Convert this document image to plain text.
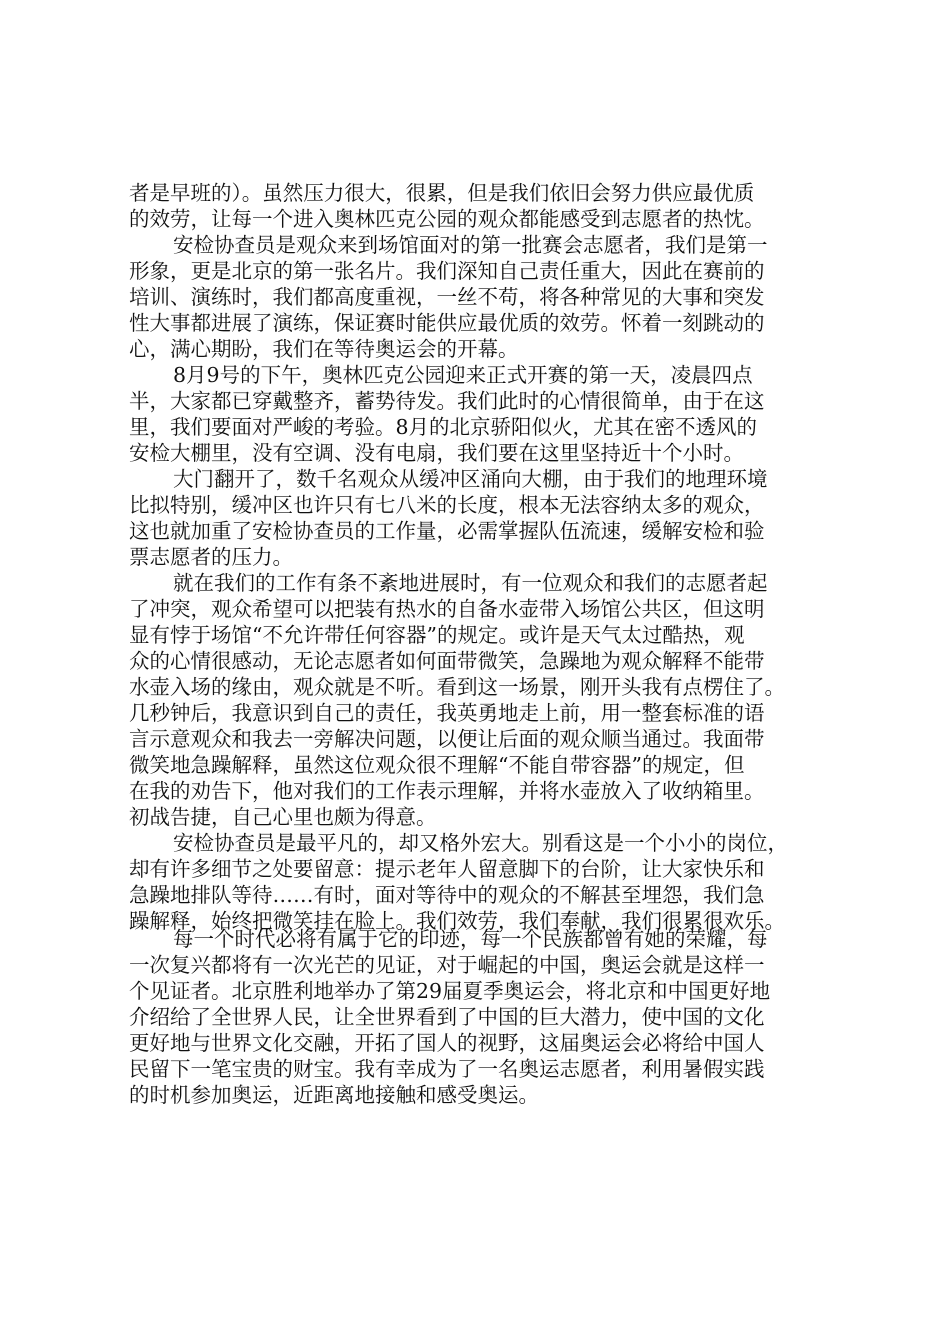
者是早班的）。虽然压力很大，很累，但是我们依旧会努力供应最优质
的效劳，让每一个进入奥林匹克公园的观众都能感受到志愿者的热忱。
安检协查员是观众来到场馆面对的第一批赛会志愿者，我们是第一
形象，更是北京的第一张名片。我们深知自己责任重大，因此在赛前的
培训、演练时，我们都高度重视，一丝不苟，将各种常见的大事和突发
性大事都进展了演练，保证赛时能供应最优质的效劳。怀着一刻跳动的
心，满心期盼，我们在等待奥运会的开幕。
8月9号的下午，奥林匹克公园迎来正式开赛的第一天，凌晨四点
半，大家都已穿戴整齐，蓄势待发。我们此时的心情很简单，由于在这
里，我们要面对严峻的考验。8月的北京骄阳似火，尤其在密不透风的
安检大棚里，没有空调、没有电扇，我们要在这里坚持近十个小时。
大门翻开了，数千名观众从缓冲区涌向大棚，由于我们的地理环境
比拟特别，缓冲区也许只有七八米的长度，根本无法容纳太多的观众，
这也就加重了安检协查员的工作量，必需掌握队伍流速，缓解安检和验
票志愿者的压力。
就在我们的工作有条不紊地进展时，有一位观众和我们的志愿者起
了冲突，观众希望可以把装有热水的自备水壶带入场馆公共区，但这明
显有悖于场馆“不允许带任何容器”的规定。或许是天气太过酷热，观
众的心情很感动，无论志愿者如何面带微笑，急躁地为观众解释不能带
水壶入场的缘由，观众就是不听。看到这一场景，刚开头我有点楞住了。
几秒钟后，我意识到自己的责任，我英勇地走上前，用一整套标准的语
言示意观众和我去一旁解决问题，以便让后面的观众顺当通过。我面带
微笑地急躁解释，虽然这位观众很不理解“不能自带容器”的规定，但
在我的劝告下，他对我们的工作表示理解，并将水壶放入了收纳箱里。
初战告捷，自己心里也颇为得意。
安检协查员是最平凡的，却又格外宏大。别看这是一个小小的岗位，
却有许多细节之处要留意：提示老年人留意脚下的台阶，让大家快乐和
急躁地排队等待……有时，面对等待中的观众的不解甚至埋怨，我们急
躁解释，始终把微笑挂在脸上。我们效劳，我们奉献，我们很累很欢乐。
每一个时代必将有属于它的印迹，每一个民族都曾有她的荣耀，每
一次复兴都将有一次光芒的见证，对于崛起的中国，奥运会就是这样一
个见证者。北京胜利地举办了第29届夏季奥运会，将北京和中国更好地
介绍给了全世界人民，让全世界看到了中国的巨大潜力，使中国的文化
更好地与世界文化交融，开拓了国人的视野，这届奥运会必将给中国人
民留下一笔宝贵的财宝。我有幸成为了一名奥运志愿者，利用暑假实践
的时机参加奥运，近距离地接触和感受奥运。
